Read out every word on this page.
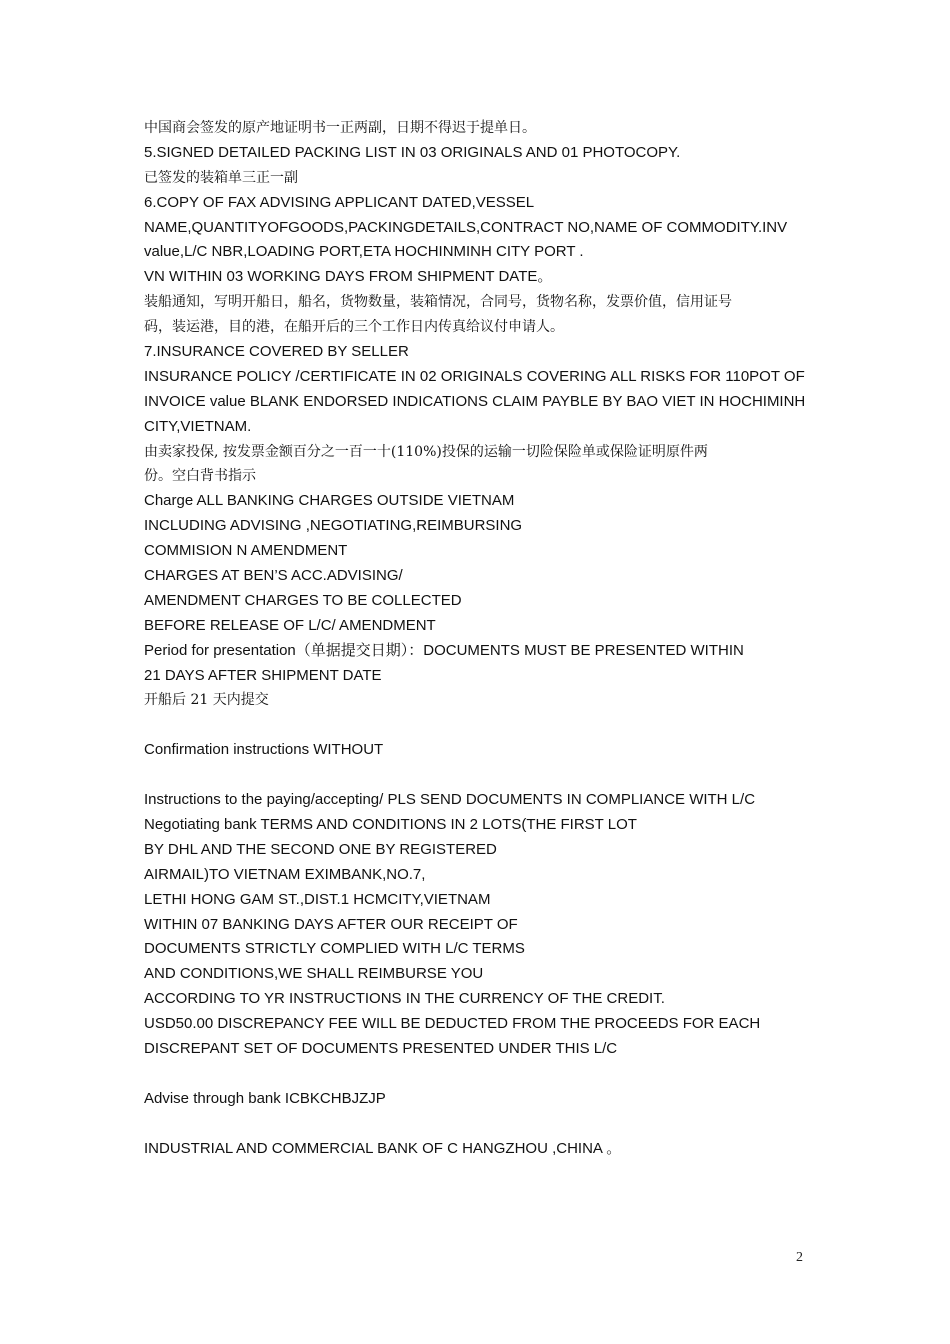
中国商会签发的原产地证明书一正两副，日期不得迟于提单日。
5.SIGNED DETAILED PACKING LIST IN 03 ORIGINALS AND 01 PHOTOCOPY.
已签发的装箱单三正一副
6.COPY OF FAX ADVISING APPLICANT DATED,VESSEL
NAME,QUANTITYOFGOODS,PACKINGDETAILS,CONTRACT NO,NAME OF COMMODITY.INV
value,L/C NBR,LOADING PORT,ETA HOCHINMINH CITY PORT .
VN WITHIN 03 WORKING DAYS FROM SHIPMENT DATE。
装船通知，写明开船日，船名，货物数量，装箱情况，合同号，货物名称，发票价值，信用证号
码，装运港，目的港，在船开后的三个工作日内传真给议付申请人。
7.INSURANCE COVERED BY SELLER
INSURANCE POLICY /CERTIFICATE IN 02 ORIGINALS COVERING ALL RISKS FOR 110POT OF
INVOICE value BLANK ENDORSED INDICATIONS CLAIM PAYBLE BY BAO VIET IN HOCHIMINH
CITY,VIETNAM.
由卖家投保, 按发票金额百分之一百一十(110%)投保的运输一切险保险单或保险证明原件两
份。空白背书指示
Charge ALL BANKING CHARGES OUTSIDE VIETNAM
INCLUDING ADVISING ,NEGOTIATING,REIMBURSING
COMMISION N AMENDMENT
CHARGES AT BEN’S ACC.ADVISING/
AMENDMENT CHARGES TO BE COLLECTED
BEFORE RELEASE OF L/C/ AMENDMENT
Period for presentation（单据提交日期）：DOCUMENTS MUST BE PRESENTED WITHIN
21 DAYS AFTER SHIPMENT DATE
开船后 21 天内提交
Confirmation instructions WITHOUT
Instructions to the paying/accepting/ PLS SEND DOCUMENTS IN COMPLIANCE WITH L/C
Negotiating bank TERMS AND CONDITIONS IN 2 LOTS(THE FIRST LOT
BY DHL AND THE SECOND ONE BY REGISTERED
AIRMAIL)TO VIETNAM EXIMBANK,NO.7,
LETHI HONG GAM ST.,DIST.1 HCMCITY,VIETNAM
WITHIN 07 BANKING DAYS AFTER OUR RECEIPT OF
DOCUMENTS STRICTLY COMPLIED WITH L/C TERMS
AND CONDITIONS,WE SHALL REIMBURSE YOU
ACCORDING TO YR INSTRUCTIONS IN THE CURRENCY OF THE CREDIT.
USD50.00 DISCREPANCY FEE WILL BE DEDUCTED FROM THE PROCEEDS FOR EACH
DISCREPANT SET OF DOCUMENTS PRESENTED UNDER THIS L/C
Advise through bank ICBKCHBJZJP
INDUSTRIAL AND COMMERCIAL BANK OF C HANGZHOU ,CHINA 。
2
